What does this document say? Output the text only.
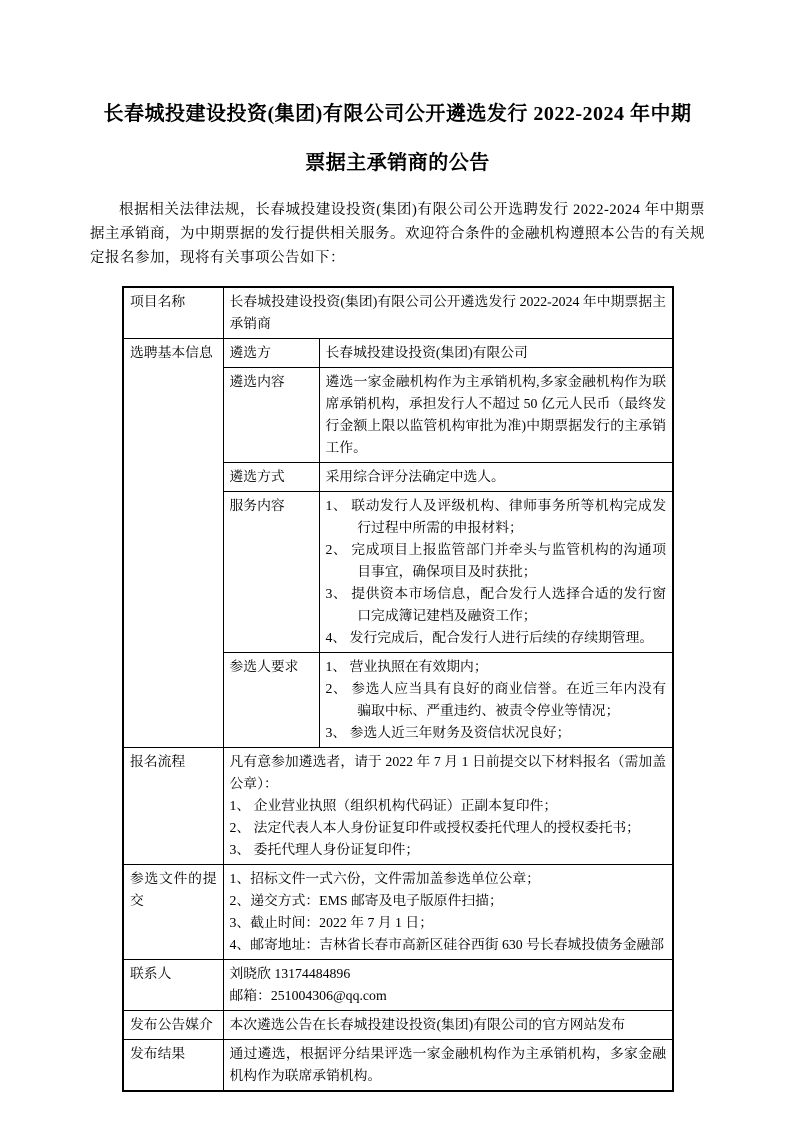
长春城投建设投资(集团)有限公司公开遴选发行 2022-2024 年中期
票据主承销商的公告

根据相关法律法规，长春城投建设投资(集团)有限公司公开选聘发行 2022-2024 年中期票据主承销商，为中期票据的发行提供相关服务。欢迎符合条件的金融机构遵照本公告的有关规定报名参加，现将有关事项公告如下：

项目名称	长春城投建设投资(集团)有限公司公开遴选发行 2022-2024 年中期票据主承销商	
选聘基本信息	遴选方	长春城投建设投资(集团)有限公司
	遴选内容	遴选一家金融机构作为主承销机构,多家金融机构作为联席承销机构，承担发行人不超过 50 亿元人民币（最终发行金额上限以监管机构审批为准)中期票据发行的主承销工作。
	遴选方式	采用综合评分法确定中选人。
	服务内容	1、 联动发行人及评级机构、律师事务所等机构完成发行过程中所需的申报材料；
2、 完成项目上报监管部门并牵头与监管机构的沟通项目事宜，确保项目及时获批；
3、 提供资本市场信息，配合发行人选择合适的发行窗口完成簿记建档及融资工作；
4、 发行完成后，配合发行人进行后续的存续期管理。

	参选人要求	1、 营业执照在有效期内；
2、 参选人应当具有良好的商业信誉。在近三年内没有骗取中标、严重违约、被责令停业等情况；
3、 参选人近三年财务及资信状况良好；

报名流程	凡有意参加遴选者，请于 2022 年 7 月 1 日前提交以下材料报名（需加盖公章）：
1、 企业营业执照（组织机构代码证）正副本复印件；
2、 法定代表人本人身份证复印件或授权委托代理人的授权委托书；
3、 委托代理人身份证复印件；	

参选文件的提交	1、招标文件一式六份，文件需加盖参选单位公章；
2、递交方式：EMS 邮寄及电子版原件扫描；
3、截止时间：2022 年 7 月 1 日；
4、邮寄地址：吉林省长春市高新区硅谷西街 630 号长春城投债务金融部	

联系人	刘晓欣 13174484896
邮箱：251004306@qq.com	

发布公告媒介	本次遴选公告在长春城投建设投资(集团)有限公司的官方网站发布	
发布结果	通过遴选，根据评分结果评选一家金融机构作为主承销机构，多家金融机构作为联席承销机构。	
